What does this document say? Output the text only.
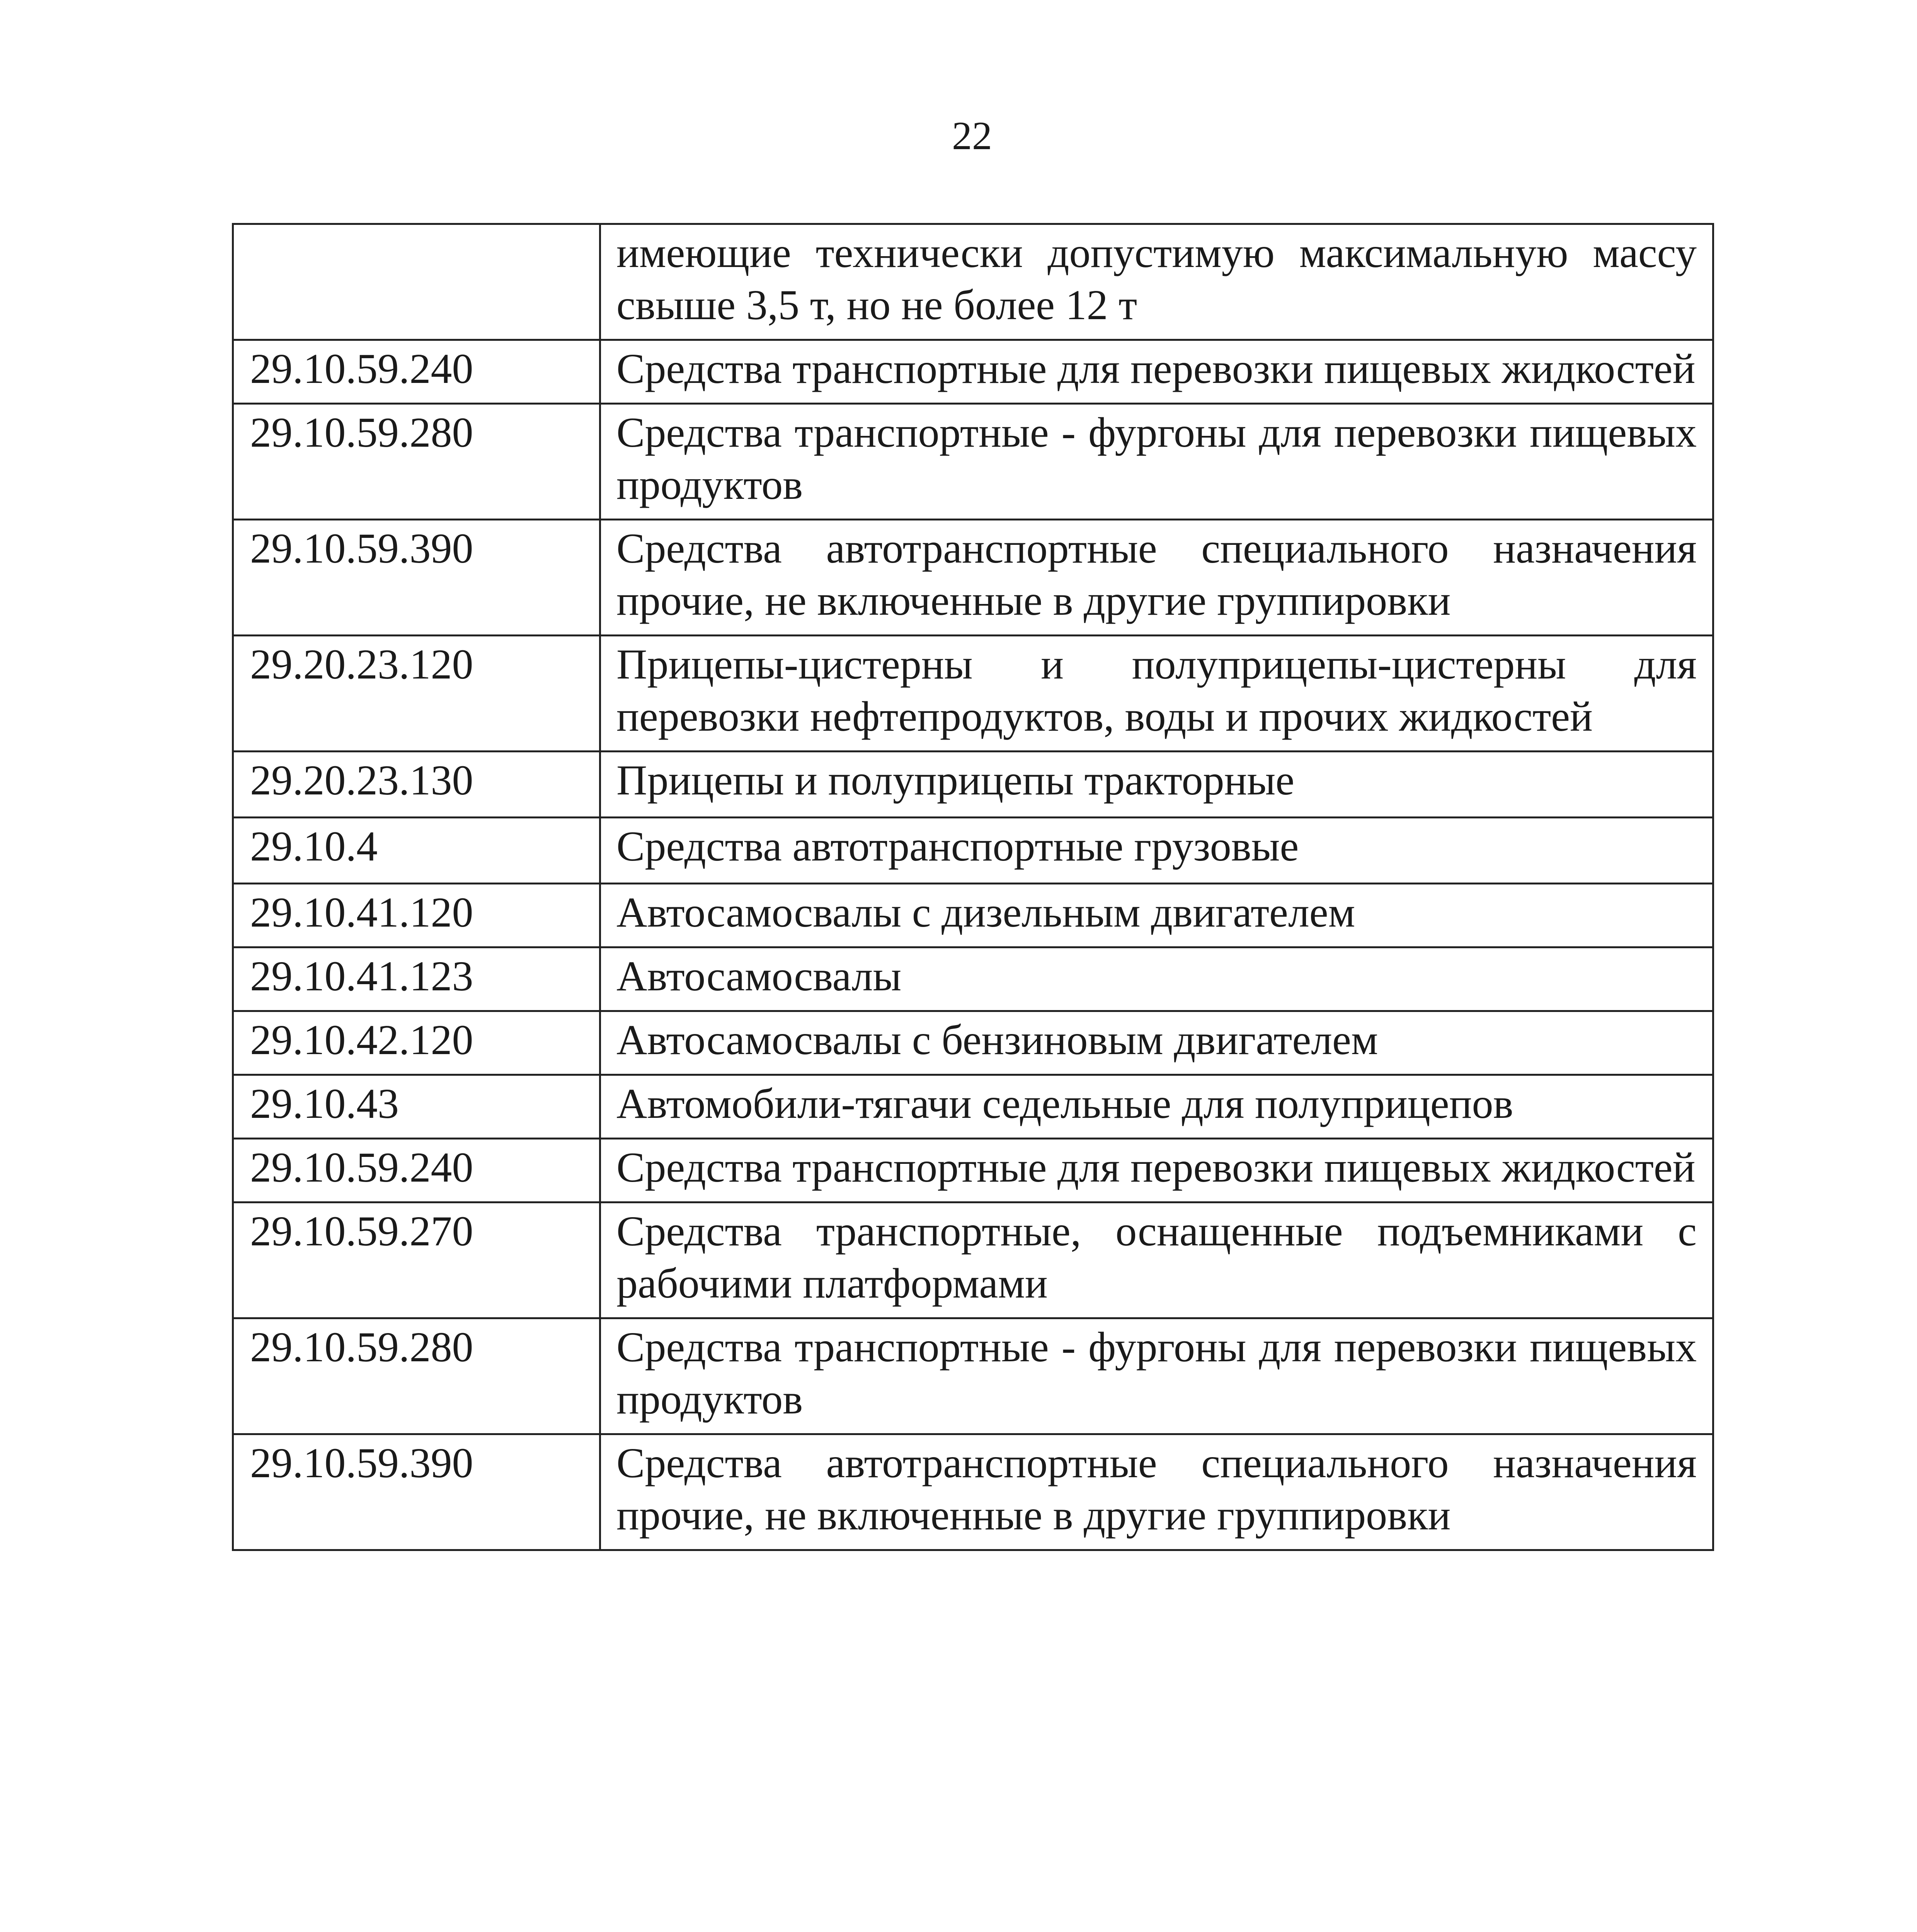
22
	имеющие технически допустимую максимальную массу свыше 3,5 т, но не более 12 т
29.10.59.240	Средства транспортные для перевозки пищевых жидкостей
29.10.59.280	Средства транспортные - фургоны для перевозки пищевых продуктов
29.10.59.390	Средства автотранспортные специального назначения прочие, не включенные в другие группировки
29.20.23.120	Прицепы-цистерны и полуприцепы-цистерны для перевозки нефтепродуктов, воды и прочих жидкостей
29.20.23.130	Прицепы и полуприцепы тракторные
29.10.4	Средства автотранспортные грузовые
29.10.41.120	Автосамосвалы с дизельным двигателем
29.10.41.123	Автосамосвалы
29.10.42.120	Автосамосвалы с бензиновым двигателем
29.10.43	Автомобили-тягачи седельные для полуприцепов
29.10.59.240	Средства транспортные для перевозки пищевых жидкостей
29.10.59.270	Средства транспортные, оснащенные подъемниками с рабочими платформами
29.10.59.280	Средства транспортные - фургоны для перевозки пищевых продуктов
29.10.59.390	Средства автотранспортные специального назначения прочие, не включенные в другие группировки
